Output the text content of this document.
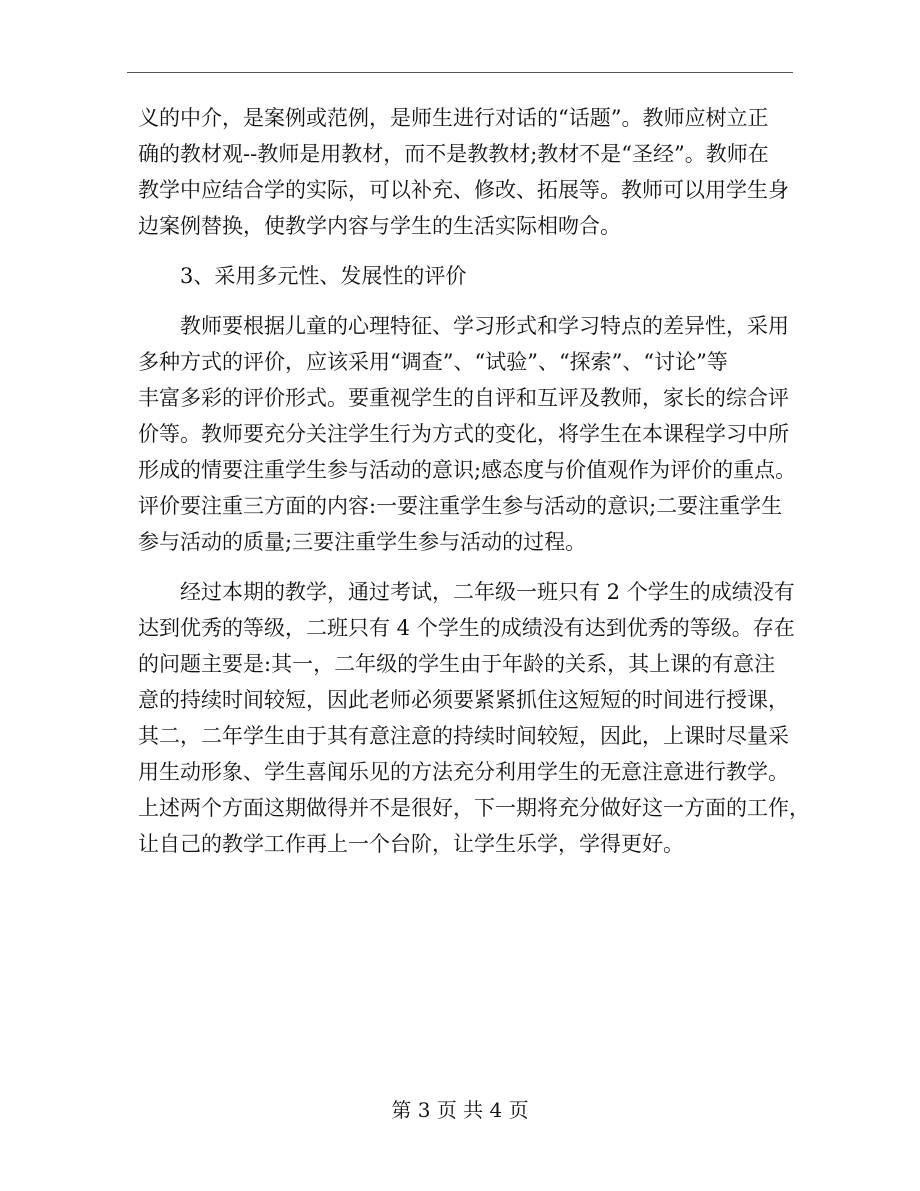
义的中介，是案例或范例，是师生进行对话的“话题”。教师应树立正
确的教材观--教师是用教材，而不是教教材;教材不是“圣经”。教师在
教学中应结合学的实际，可以补充、修改、拓展等。教师可以用学生身
边案例替换，使教学内容与学生的生活实际相吻合。
3、采用多元性、发展性的评价
教师要根据儿童的心理特征、学习形式和学习特点的差异性，采用
多种方式的评价，应该采用“调查”、“试验”、“探索”、“讨论”等
丰富多彩的评价形式。要重视学生的自评和互评及教师，家长的综合评
价等。教师要充分关注学生行为方式的变化，将学生在本课程学习中所
形成的情要注重学生参与活动的意识;感态度与价值观作为评价的重点。
评价要注重三方面的内容:一要注重学生参与活动的意识;二要注重学生
参与活动的质量;三要注重学生参与活动的过程。
经过本期的教学，通过考试，二年级一班只有 2 个学生的成绩没有
达到优秀的等级，二班只有 4 个学生的成绩没有达到优秀的等级。存在
的问题主要是:其一，二年级的学生由于年龄的关系，其上课的有意注
意的持续时间较短，因此老师必须要紧紧抓住这短短的时间进行授课，
其二，二年学生由于其有意注意的持续时间较短，因此，上课时尽量采
用生动形象、学生喜闻乐见的方法充分利用学生的无意注意进行教学。
上述两个方面这期做得并不是很好，下一期将充分做好这一方面的工作，
让自己的教学工作再上一个台阶，让学生乐学，学得更好。
第 3 页 共 4 页
